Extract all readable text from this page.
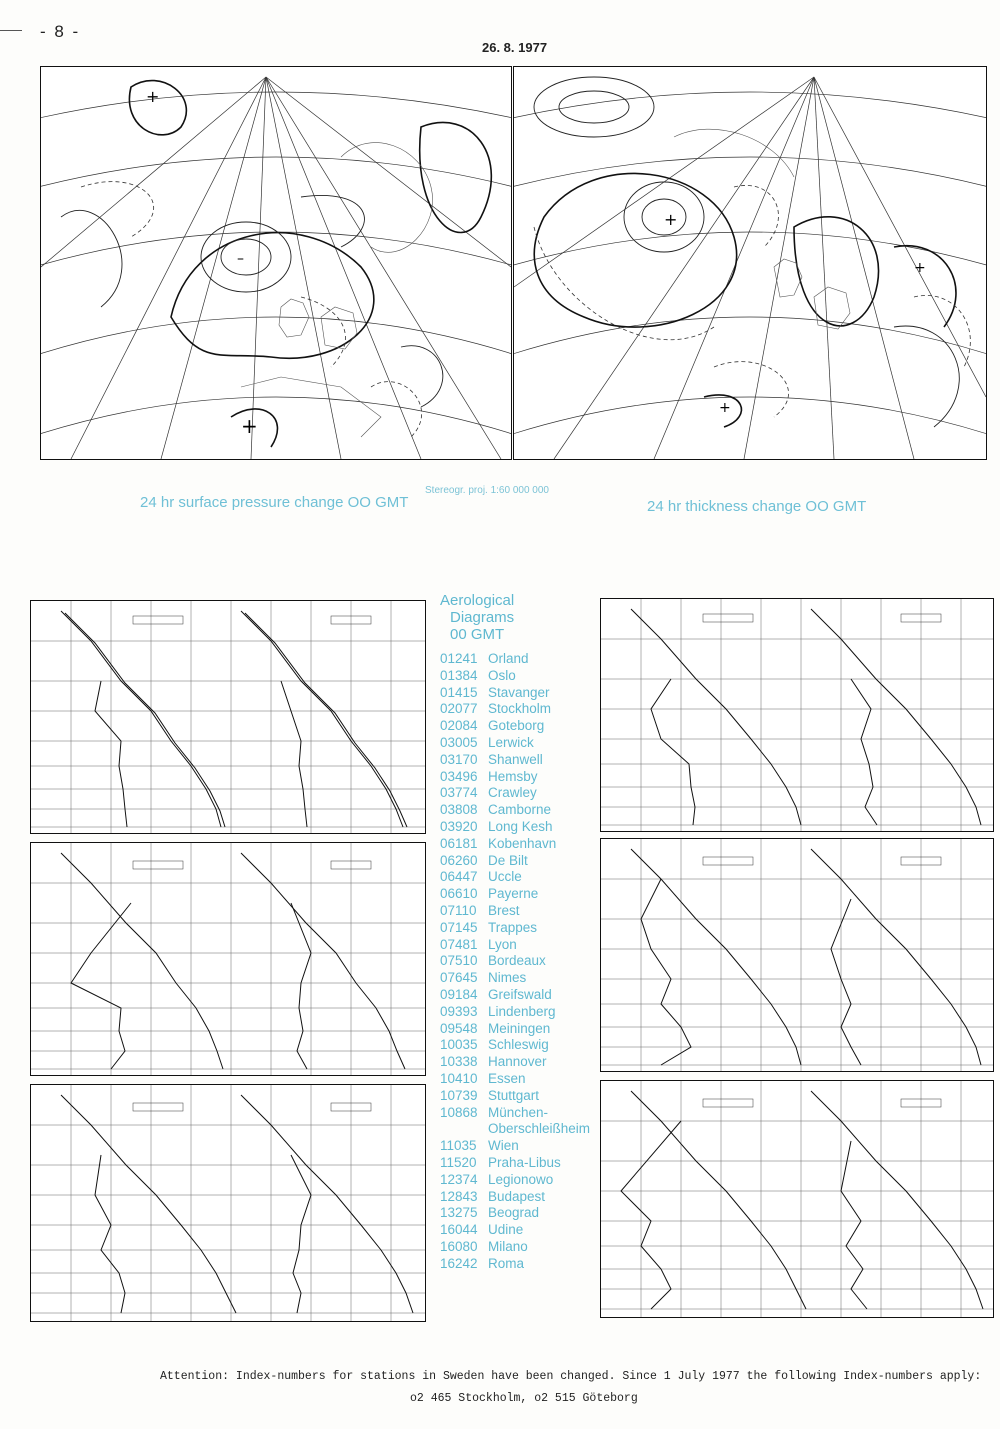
- 8 -
26. 8. 1977
+
+
–
+
+
+
24 hr surface pressure change OO GMT
Stereogr. proj. 1:60 000 000
24 hr thickness change OO GMT
Aerological
Diagrams
00 GMT
01241 Orland
01384 Oslo
01415 Stavanger
02077 Stockholm
02084 Goteborg
03005 Lerwick
03170 Shanwell
03496 Hemsby
03774 Crawley
03808 Camborne
03920 Long Kesh
06181 Kobenhavn
06260 De Bilt
06447 Uccle
06610 Payerne
07110 Brest
07145 Trappes
07481 Lyon
07510 Bordeaux
07645 Nimes
09184 Greifswald
09393 Lindenberg
09548 Meiningen
10035 Schleswig
10338 Hannover
10410 Essen
10739 Stuttgart
10868 München-
Oberschleißheim
11035 Wien
11520 Praha-Libus
12374 Legionowo
12843 Budapest
13275 Beograd
16044 Udine
16080 Milano
16242 Roma
Attention: Index-numbers for stations in Sweden have been changed. Since 1 July 1977 the following Index-numbers apply:
o2 465 Stockholm, o2 515 Göteborg
